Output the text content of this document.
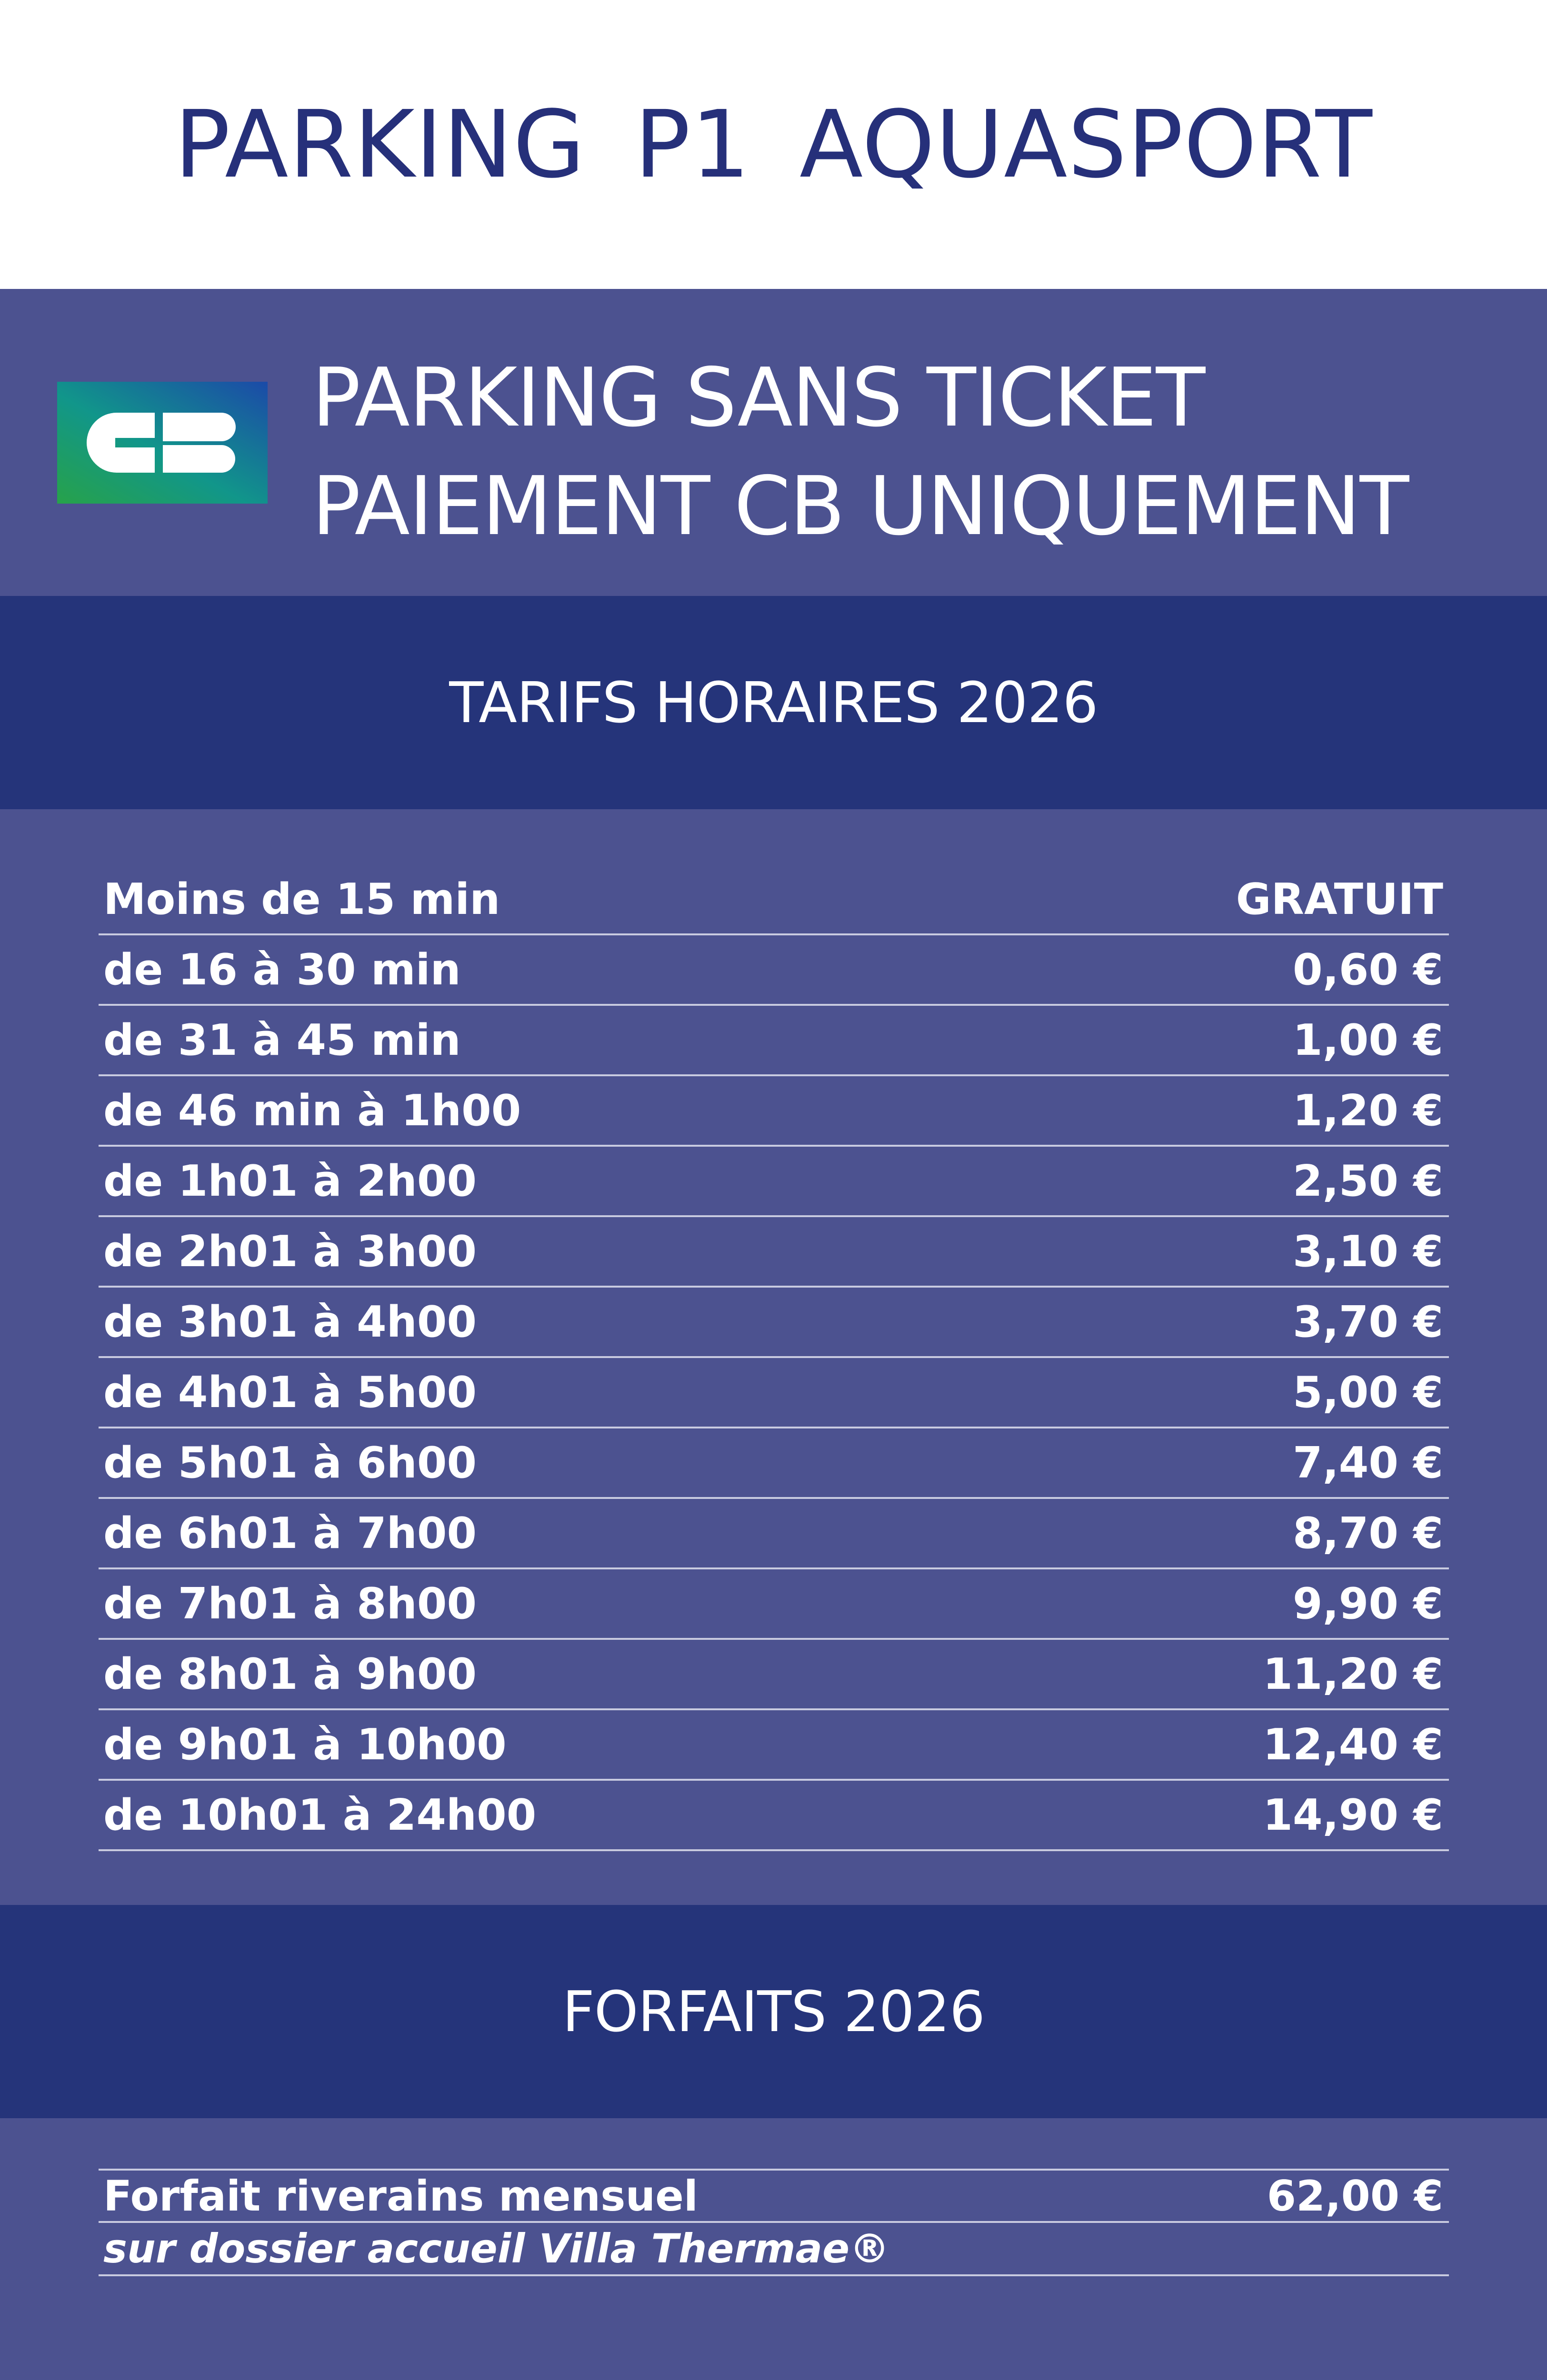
PARKING P1 AQUASPORT
PARKING SANS TICKET
PAIEMENT CB UNIQUEMENT
TARIFS HORAIRES 2026
Moins de 15 min	GRATUIT
de 16 à 30 min	0,60 €
de 31 à 45 min	1,00 €
de 46 min à 1h00	1,20 €
de 1h01 à 2h00	2,50 €
de 2h01 à 3h00	3,10 €
de 3h01 à 4h00	3,70 €
de 4h01 à 5h00	5,00 €
de 5h01 à 6h00	7,40 €
de 6h01 à 7h00	8,70 €
de 7h01 à 8h00	9,90 €
de 8h01 à 9h00	11,20 €
de 9h01 à 10h00	12,40 €
de 10h01 à 24h00	14,90 €
FORFAITS 2026
Forfait riverains mensuel	62,00 €
sur dossier accueil Villa Thermae®
